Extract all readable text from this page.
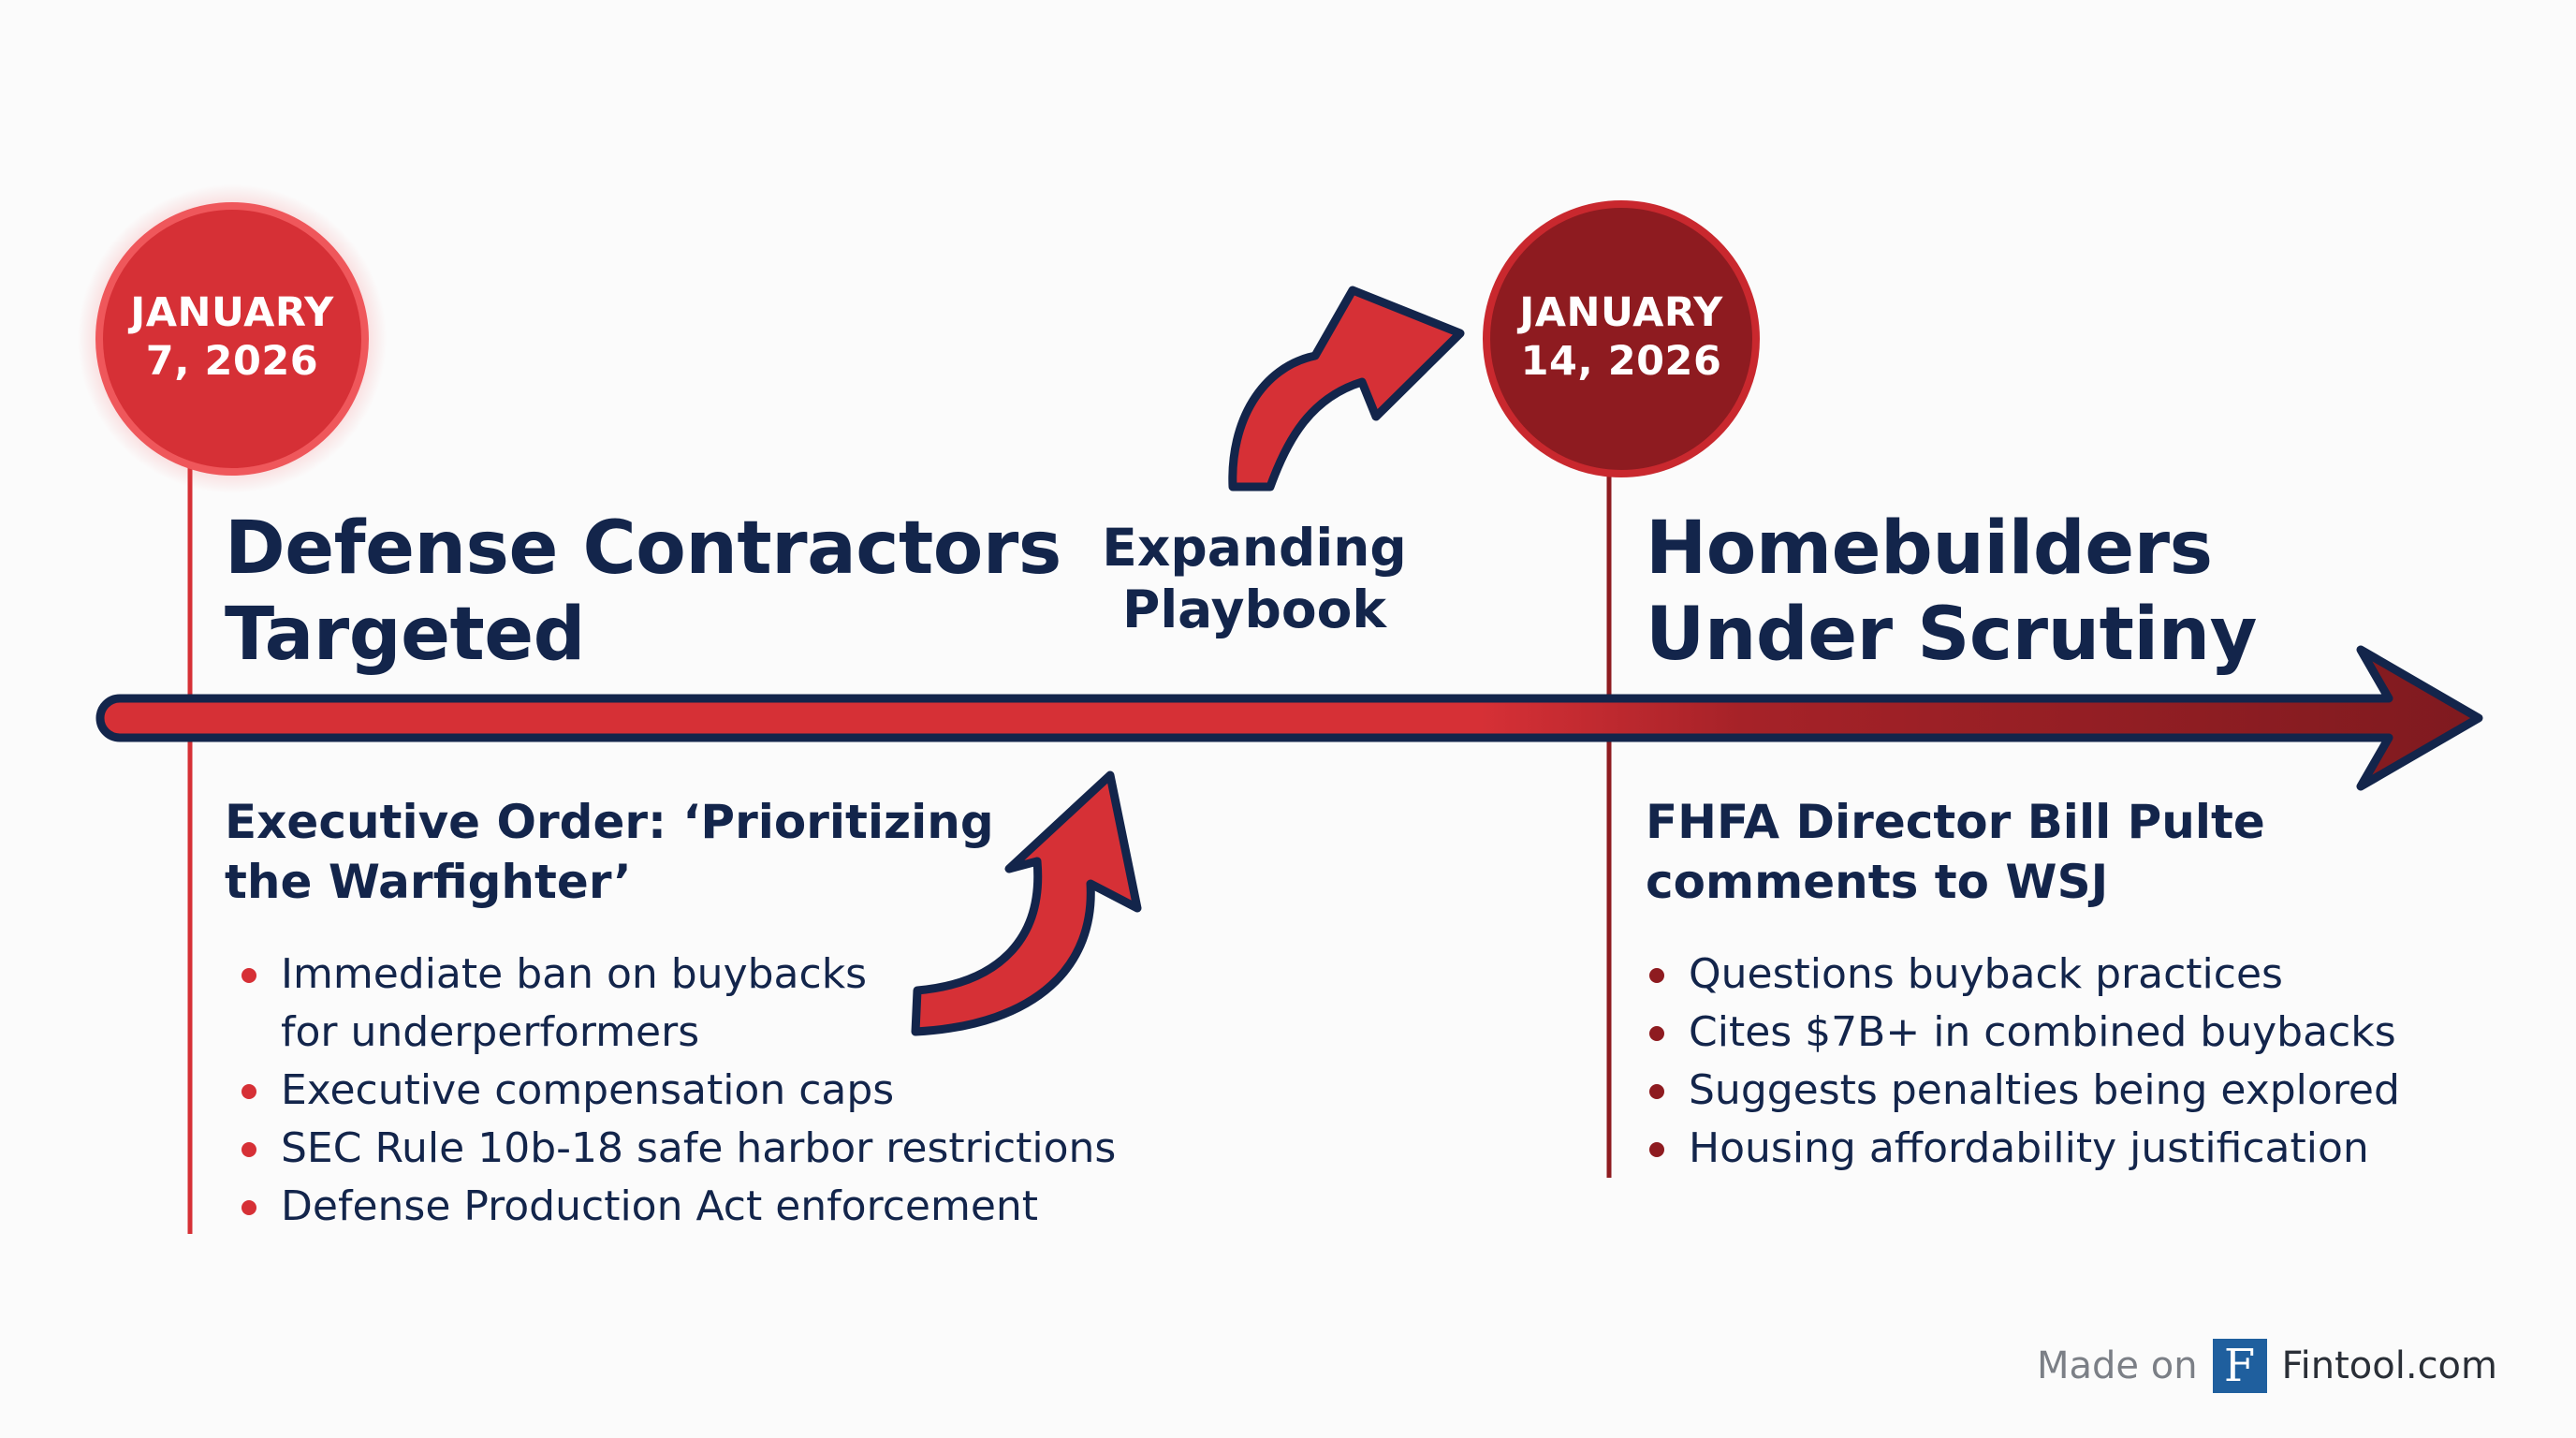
JANUARY
7, 2026
JANUARY
14, 2026
Defense Contractors
Targeted
Homebuilders
Under Scrutiny
Expanding
Playbook
Executive Order: ‘Prioritizing
the Warfighter’
FHFA Director Bill Pulte
comments to WSJ
Immediate ban on buybacks for underperformers
Executive compensation caps
SEC Rule 10b-18 safe harbor restrictions
Defense Production Act enforcement
Questions buyback practices
Cites $7B+ in combined buybacks
Suggests penalties being explored
Housing affordability justification
Made on F Fintool.com
